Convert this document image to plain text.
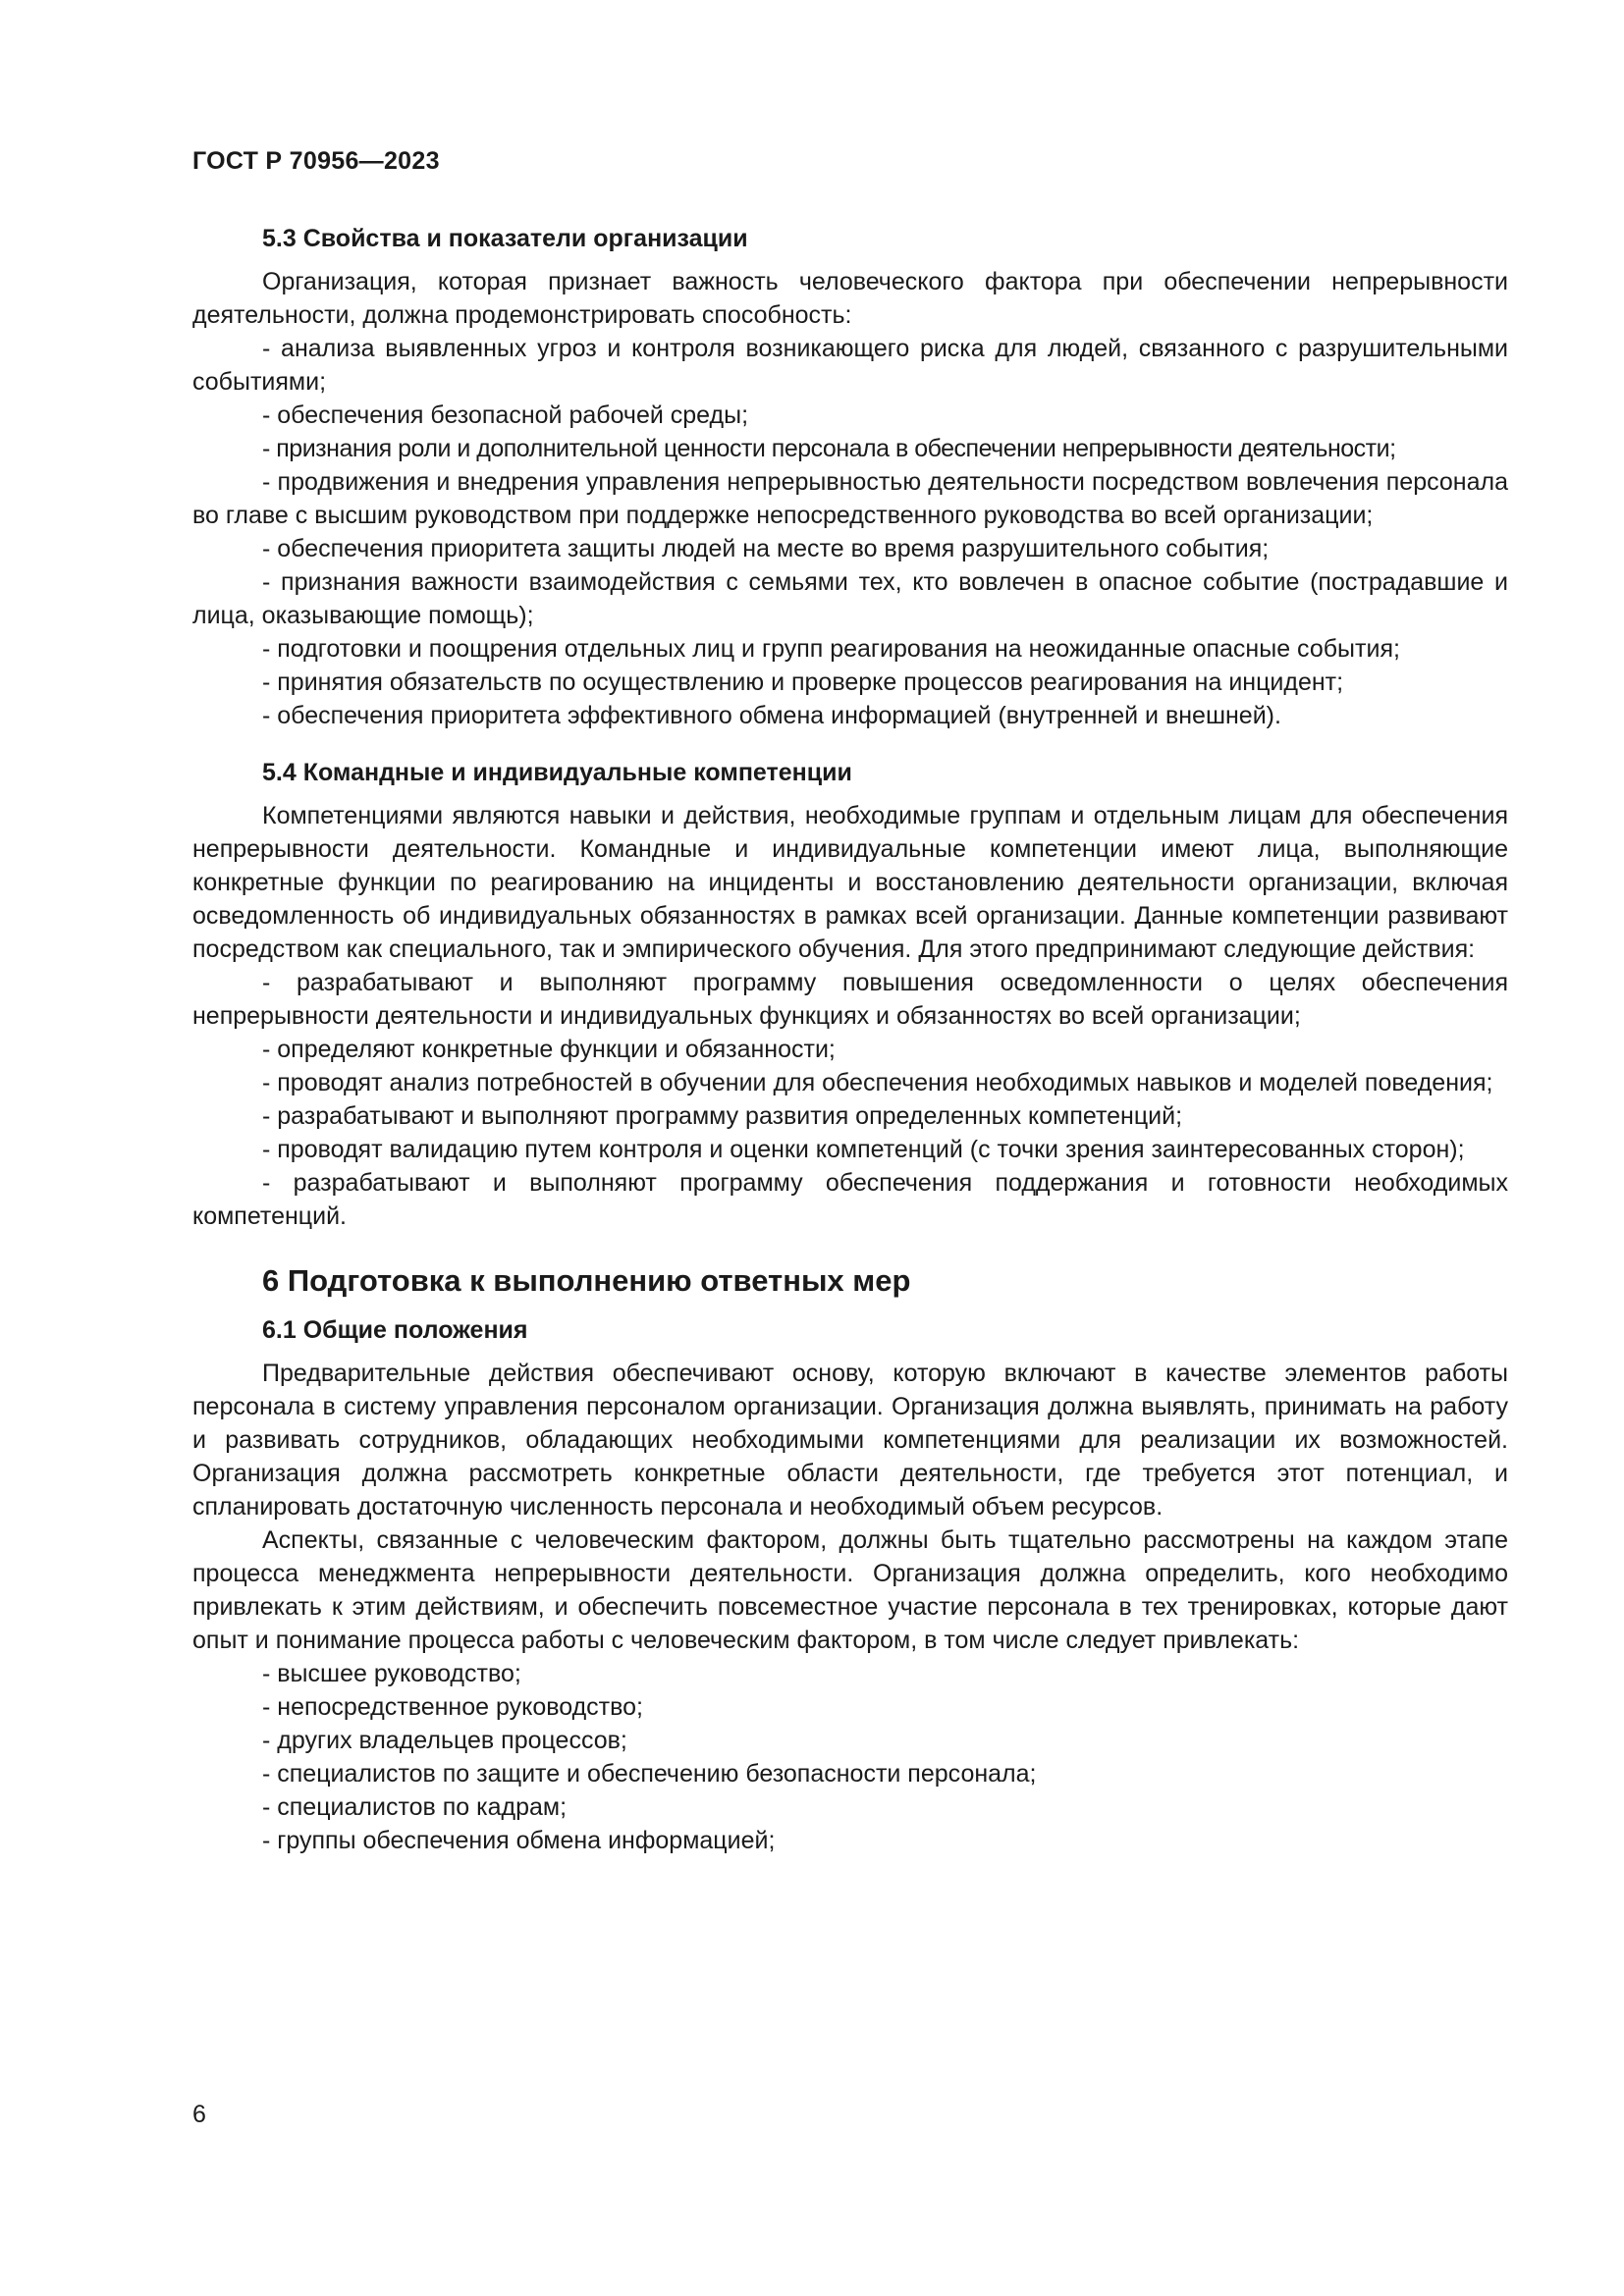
ГОСТ Р 70956—2023
5.3 Свойства и показатели организации

Организация, которая признает важность человеческого фактора при обеспечении непрерывности деятельности, должна продемонстрировать способность:

- анализа выявленных угроз и контроля возникающего риска для людей, связанного с разрушительными событиями;

- обеспечения безопасной рабочей среды;

- признания роли и дополнительной ценности персонала в обеспечении непрерывности деятельности;

- продвижения и внедрения управления непрерывностью деятельности посредством вовлечения персонала во главе с высшим руководством при поддержке непосредственного руководства во всей организации;

- обеспечения приоритета защиты людей на месте во время разрушительного события;

- признания важности взаимодействия с семьями тех, кто вовлечен в опасное событие (пострадавшие и лица, оказывающие помощь);

- подготовки и поощрения отдельных лиц и групп реагирования на неожиданные опасные события;

- принятия обязательств по осуществлению и проверке процессов реагирования на инцидент;

- обеспечения приоритета эффективного обмена информацией (внутренней и внешней).

5.4 Командные и индивидуальные компетенции

Компетенциями являются навыки и действия, необходимые группам и отдельным лицам для обеспечения непрерывности деятельности. Командные и индивидуальные компетенции имеют лица, выполняющие конкретные функции по реагированию на инциденты и восстановлению деятельности организации, включая осведомленность об индивидуальных обязанностях в рамках всей организации. Данные компетенции развивают посредством как специального, так и эмпирического обучения. Для этого предпринимают следующие действия:

- разрабатывают и выполняют программу повышения осведомленности о целях обеспечения непрерывности деятельности и индивидуальных функциях и обязанностях во всей организации;

- определяют конкретные функции и обязанности;

- проводят анализ потребностей в обучении для обеспечения необходимых навыков и моделей поведения;

- разрабатывают и выполняют программу развития определенных компетенций;

- проводят валидацию путем контроля и оценки компетенций (с точки зрения заинтересованных сторон);

- разрабатывают и выполняют программу обеспечения поддержания и готовности необходимых компетенций.

6 Подготовка к выполнению ответных мер
6.1 Общие положения

Предварительные действия обеспечивают основу, которую включают в качестве элементов работы персонала в систему управления персоналом организации. Организация должна выявлять, принимать на работу и развивать сотрудников, обладающих необходимыми компетенциями для реализации их возможностей. Организация должна рассмотреть конкретные области деятельности, где требуется этот потенциал, и спланировать достаточную численность персонала и необходимый объем ресурсов.

Аспекты, связанные с человеческим фактором, должны быть тщательно рассмотрены на каждом этапе процесса менеджмента непрерывности деятельности. Организация должна определить, кого необходимо привлекать к этим действиям, и обеспечить повсеместное участие персонала в тех тренировках, которые дают опыт и понимание процесса работы с человеческим фактором, в том числе следует привлекать:

- высшее руководство;

- непосредственное руководство;

- других владельцев процессов;

- специалистов по защите и обеспечению безопасности персонала;

- специалистов по кадрам;

- группы обеспечения обмена информацией;

6
